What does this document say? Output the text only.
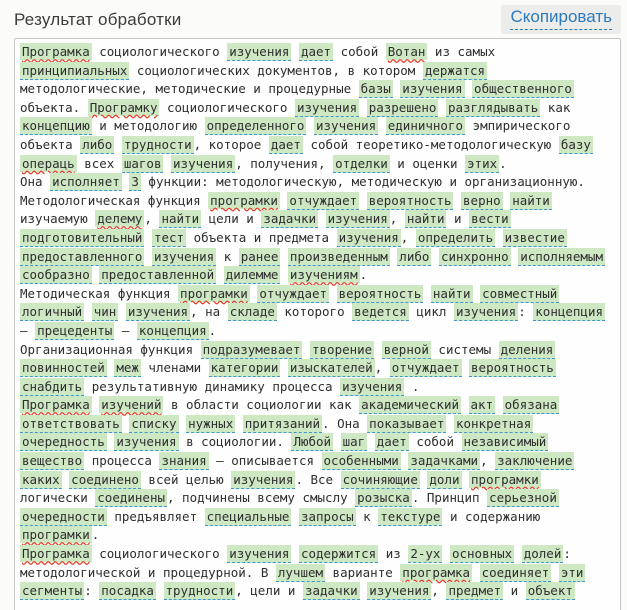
Результат обработки	Скопировать
Програмка социологического изучения дает собой Вотан из самых
принципиальных социологических документов, в котором держатся
методологические, методические и процедурные базы изучения общественного
объекта. Програмку социологического изучения разрешено разглядывать как
концепцию и методологию определенного изучения единичного эмпирического
объекта либо трудности , которое дает собой теоретико-методологическую базу
операць всех шагов изучения , получения, отделки и оценки этих .
Она исполняет 3 функции: методологическую, методическую и организационную.
Методологическая функция програмки отчуждает вероятность верно найти
изучаемую делему , найти цели и задачки изучения , найти и вести
подготовительный тест объекта и предмета изучения , определить известие
предоставленного изучения к ранее произведенным либо синхронно исполняемым
сообразно предоставленной дилемме изучениям .
Методическая функция програмки отчуждает вероятность найти совместный
логичный чин изучения , на складе которого ведется цикл изучения : концепция
– прецеденты – концепция .
Организационная функция подразумевает творение верной системы деления
повинностей меж членами категории изыскателей , отчуждает вероятность
снабдить результативную динамику процесса изучения .
Програмка изучений в области социологии как академический акт обязана
ответствовать списку нужных притязаний . Она показывает конкретная
очередность изучения в социологии. Любой шаг дает собой независимый
вещество процесса знания – описывается особенными задачками , заключение
каких соединено всей целью изучения . Все сочиняющие доли програмки
логически соединены , подчинены всему смыслу розыска . Принцип серьезной
очередности предъявляет специальные запросы к текстуре и содержанию
програмки .
Програмка социологического изучения содержится из 2-ух основных долей :
методологической и процедурной. В лучшем варианте програмка соединяет эти
сегменты : посадка трудности , цели и задачки изучения , предмет и объект
